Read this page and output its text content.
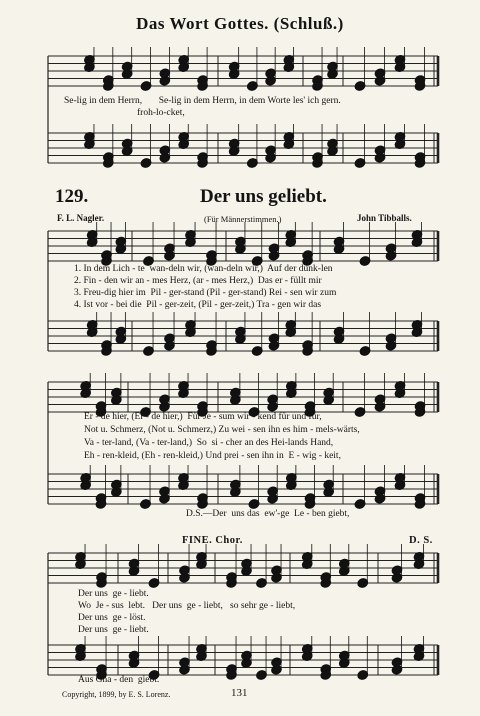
Das Wort Gottes. (Schluß.)
Se-lig in dem Herrn,       Se-lig in dem Herrn, in dem Worte les' ich gern.
froh-lo-cket,
129.	Der uns geliebt.
F. L. Nagler.	(Für Männerstimmen.)	John Tibballs.
1. In dem Lich - te  wan-deln wir, (wan-deln wir,)  Auf der dunk-len
2. Fin - den wir an - mes Herz, (ar - mes Herz,)  Das er - füllt mir
3. Freu-dig hier im  Pil - ger-stand (Pil - ger-stand) Rei - sen wir zum
4. Ist vor - bei die  Pil - ger-zeit, (Pil - ger-zeit,) Tra - gen wir das
Er - de hier, (Er - de hier,)  Für Je - sum wir - kend für und für,
Not u. Schmerz, (Not u. Schmerz,) Zu wei - sen ihn es him - mels-wärts,
Va - ter-land, (Va - ter-land,)  So  si - cher an des Hei-lands Hand,
Eh - ren-kleid, (Eh - ren-kleid,) Und prei - sen ihn in  E - wig - keit,
D.S.—Der  uns das  ew'-ge  Le - ben giebt,
FINE. Chor.	D. S.
Der uns  ge - liebt.
Wo  Je - sus  lebt.   Der uns  ge - liebt,   so sehr ge - liebt,
Der uns  ge - löst.
Der uns  ge - liebt.
Aus Gna - den  giebt.
Copyright, 1899, by E. S. Lorenz.	131
